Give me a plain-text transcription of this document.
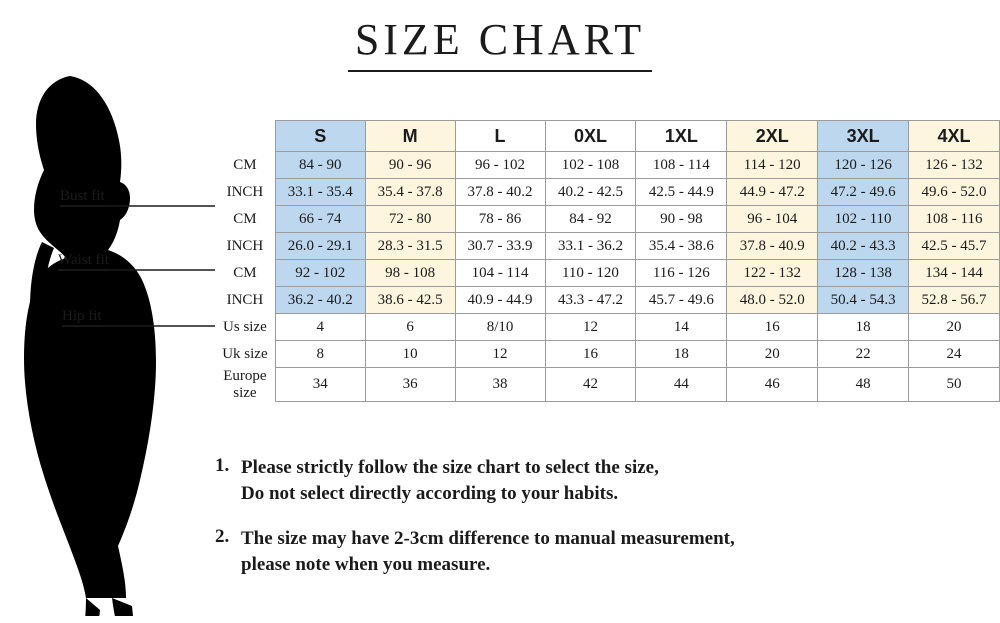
SIZE CHART
	S	M	L	0XL	1XL	2XL	3XL	4XL
CM	84 - 90	90 - 96	96 - 102	102 - 108	108 - 114	114 - 120	120 - 126	126 - 132
INCH	33.1 - 35.4	35.4 - 37.8	37.8 - 40.2	40.2 - 42.5	42.5 - 44.9	44.9 - 47.2	47.2 - 49.6	49.6 - 52.0
CM	66 - 74	72 - 80	78 - 86	84 - 92	90 - 98	96 - 104	102 - 110	108 - 116
INCH	26.0 - 29.1	28.3 - 31.5	30.7 - 33.9	33.1 - 36.2	35.4 - 38.6	37.8 - 40.9	40.2 - 43.3	42.5 - 45.7
CM	92 - 102	98 - 108	104 - 114	110 - 120	116 - 126	122 - 132	128 - 138	134 - 144
INCH	36.2 - 40.2	38.6 - 42.5	40.9 - 44.9	43.3 - 47.2	45.7 - 49.6	48.0 - 52.0	50.4 - 54.3	52.8 - 56.7
Us size	4	6	8/10	12	14	16	18	20
Uk size	8	10	12	16	18	20	22	24
Europe size	34	36	38	42	44	46	48	50
Bust fit
Waist fit
Hip fit
1. Please strictly follow the size chart to select the size,
Do not select directly according to your habits.
2. The size may have 2-3cm difference to manual measurement,
please note when you measure.
